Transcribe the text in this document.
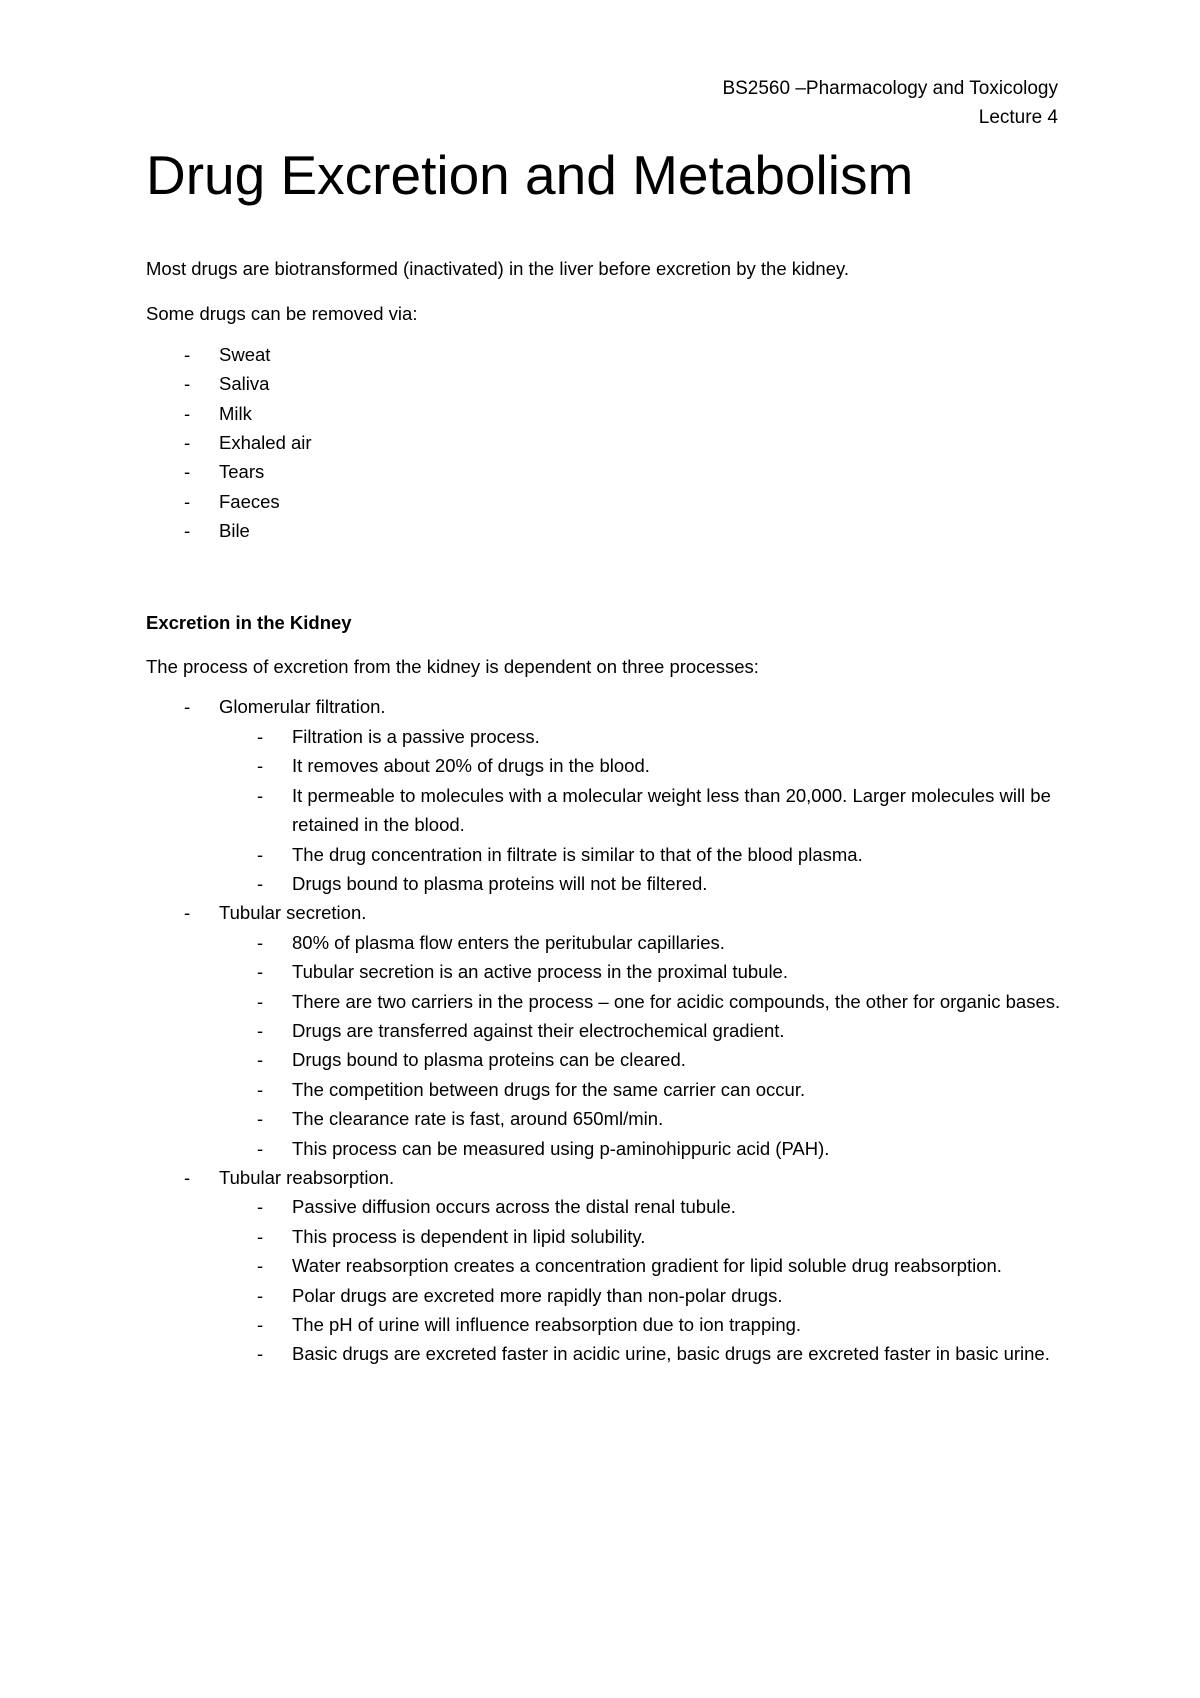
BS2560 –Pharmacology and Toxicology
Lecture 4
Drug Excretion and Metabolism

Most drugs are biotransformed (inactivated) in the liver before excretion by the kidney.

Some drugs can be removed via:

- Sweat
- Saliva
- Milk
- Exhaled air
- Tears
- Faeces
- Bile

Excretion in the Kidney

The process of excretion from the kidney is dependent on three processes:

- Glomerular filtration.
- Filtration is a passive process.
- It removes about 20% of drugs in the blood.
- It permeable to molecules with a molecular weight less than 20,000. Larger molecules will be retained in the blood.
- The drug concentration in filtrate is similar to that of the blood plasma.
- Drugs bound to plasma proteins will not be filtered.
- Tubular secretion.
- 80% of plasma flow enters the peritubular capillaries.
- Tubular secretion is an active process in the proximal tubule.
- There are two carriers in the process – one for acidic compounds, the other for organic bases.
- Drugs are transferred against their electrochemical gradient.
- Drugs bound to plasma proteins can be cleared.
- The competition between drugs for the same carrier can occur.
- The clearance rate is fast, around 650ml/min.
- This process can be measured using p-aminohippuric acid (PAH).
- Tubular reabsorption.
- Passive diffusion occurs across the distal renal tubule.
- This process is dependent in lipid solubility.
- Water reabsorption creates a concentration gradient for lipid soluble drug reabsorption.
- Polar drugs are excreted more rapidly than non-polar drugs.
- The pH of urine will influence reabsorption due to ion trapping.
- Basic drugs are excreted faster in acidic urine, basic drugs are excreted faster in basic urine.
